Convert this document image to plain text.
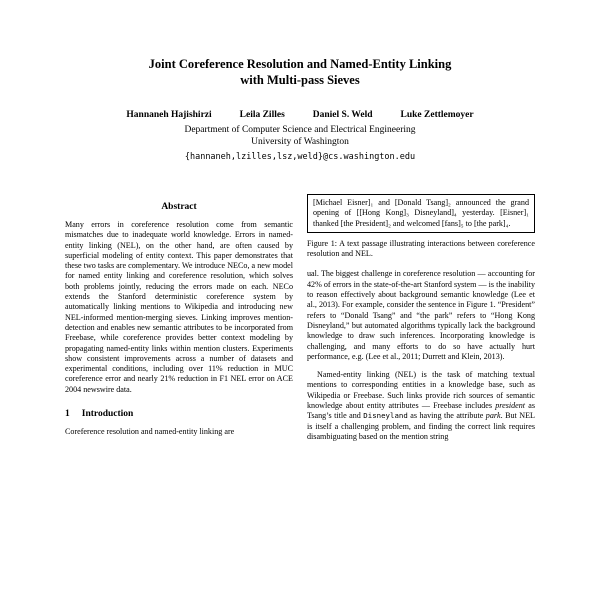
Joint Coreference Resolution and Named-Entity Linking
with Multi-pass Sieves
Hannaneh Hajishirzi	Leila Zilles	Daniel S. Weld	Luke Zettlemoyer
Department of Computer Science and Electrical Engineering
University of Washington
{hannaneh,lzilles,lsz,weld}@cs.washington.edu
Abstract
Many errors in coreference resolution come from semantic mismatches due to inadequate world knowledge. Errors in named-entity linking (NEL), on the other hand, are often caused by superficial modeling of entity context. This paper demonstrates that these two tasks are complementary. We introduce NECo, a new model for named entity linking and coreference resolution, which solves both problems jointly, reducing the errors made on each. NECo extends the Stanford deterministic coreference system by automatically linking mentions to Wikipedia and introducing new NEL-informed mention-merging sieves. Linking improves mention-detection and enables new semantic attributes to be incorporated from Freebase, while coreference provides better context modeling by propagating named-entity links within mention clusters. Experiments show consistent improvements across a number of datasets and experimental conditions, including over 11% reduction in MUC coreference error and nearly 21% reduction in F1 NEL error on ACE 2004 newswire data.
1 Introduction
Coreference resolution and named-entity linking are
[Michael Eisner]₁ and [Donald Tsang]₂ announced the grand opening of [[Hong Kong]₃ Disneyland]₄ yesterday. [Eisner]₁ thanked [the President]₂ and welcomed [fans]₅ to [the park]₄.
Figure 1: A text passage illustrating interactions between coreference resolution and NEL.
ual. The biggest challenge in coreference resolution — accounting for 42% of errors in the state-of-the-art Stanford system — is the inability to reason effectively about background semantic knowledge (Lee et al., 2013). For example, consider the sentence in Figure 1. “President” refers to “Donald Tsang” and “the park” refers to “Hong Kong Disneyland,” but automated algorithms typically lack the background knowledge to draw such inferences. Incorporating knowledge is challenging, and many efforts to do so have actually hurt performance, e.g. (Lee et al., 2011; Durrett and Klein, 2013).
Named-entity linking (NEL) is the task of matching textual mentions to corresponding entities in a knowledge base, such as Wikipedia or Freebase. Such links provide rich sources of semantic knowledge about entity attributes — Freebase includes president as Tsang’s title and Disneyland as having the attribute park. But NEL is itself a challenging problem, and finding the correct link requires disambiguating based on the mention string
